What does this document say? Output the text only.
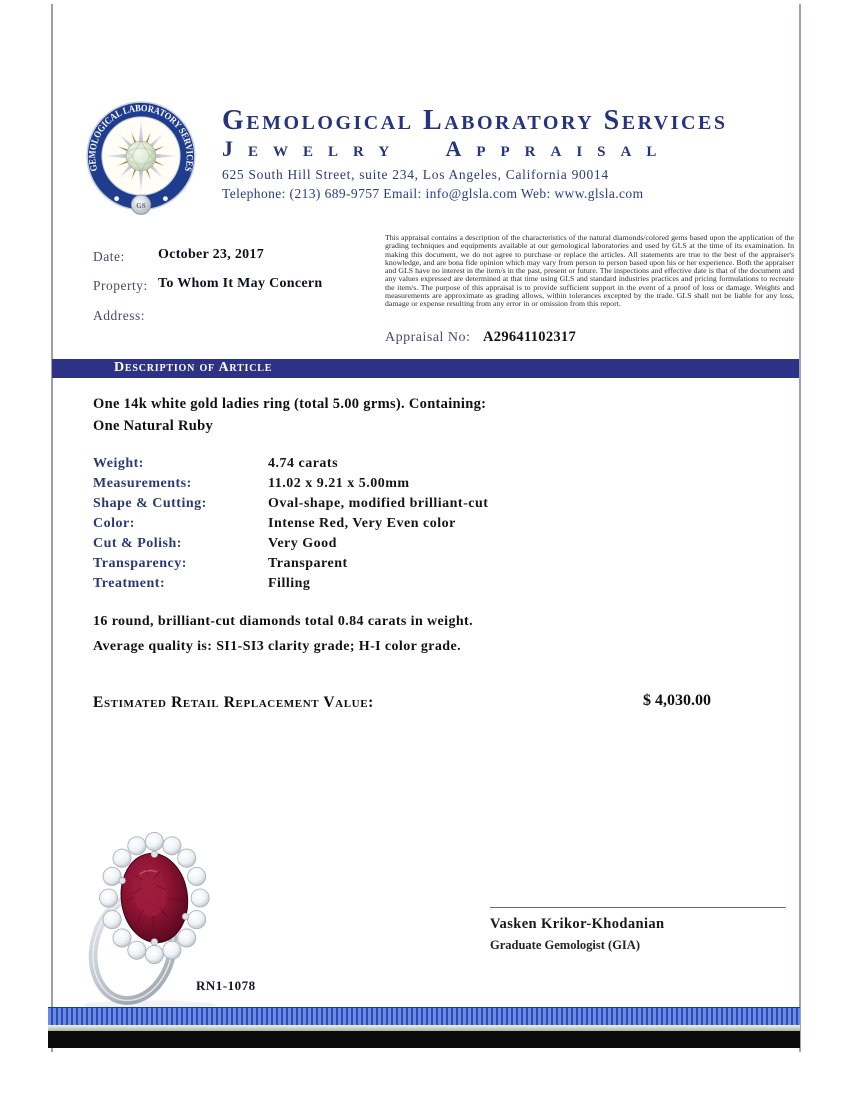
GEMOLOGICAL LABORATORY SERVICES
GS
Gemological Laboratory Services
Jewelry Appraisal
625 South Hill Street, suite 234, Los Angeles, California 90014
Telephone: (213) 689-9757 Email: info@glsla.com Web: www.glsla.com
Date: October 23, 2017
Property: To Whom It May Concern
Address:
This appraisal contains a description of the characteristics of the natural diamonds/colored gems based upon the application of the grading techniques and equipments available at our gemological laboratories and used by GLS at the time of its examination. In making this document, we do not agree to purchase or replace the articles. All statements are true to the best of the appraiser's knowledge, and are bona fide opinion which may vary from person to person based upon his or her experience. Both the appraiser and GLS have no interest in the item/s in the past, present or future. The inspections and effective date is that of the document and any values expressed are determined at that time using GLS and standard industries practices and pricing formulations to recreate the item/s. The purpose of this appraisal is to provide sufficient support in the event of a proof of loss or damage. Weights and measurements are approximate as grading allows, within tolerances excepted by the trade. GLS shall not be liable for any loss, damage or expense resulting from any error in or omission from this report.
Appraisal No: A29641102317
Description of Article
One 14k white gold ladies ring (total 5.00 grms). Containing:
One Natural Ruby
Weight:	4.74 carats
Measurements:	11.02 x 9.21 x 5.00mm
Shape & Cutting:	Oval-shape, modified brilliant-cut
Color:	Intense Red, Very Even color
Cut & Polish:	Very Good
Transparency:	Transparent
Treatment:	Filling
16 round, brilliant-cut diamonds total 0.84 carats in weight.
Average quality is: SI1-SI3 clarity grade; H-I color grade.
Estimated Retail Replacement Value:	$ 4,030.00
RN1-1078
Vasken Krikor-Khodanian
Graduate Gemologist (GIA)
